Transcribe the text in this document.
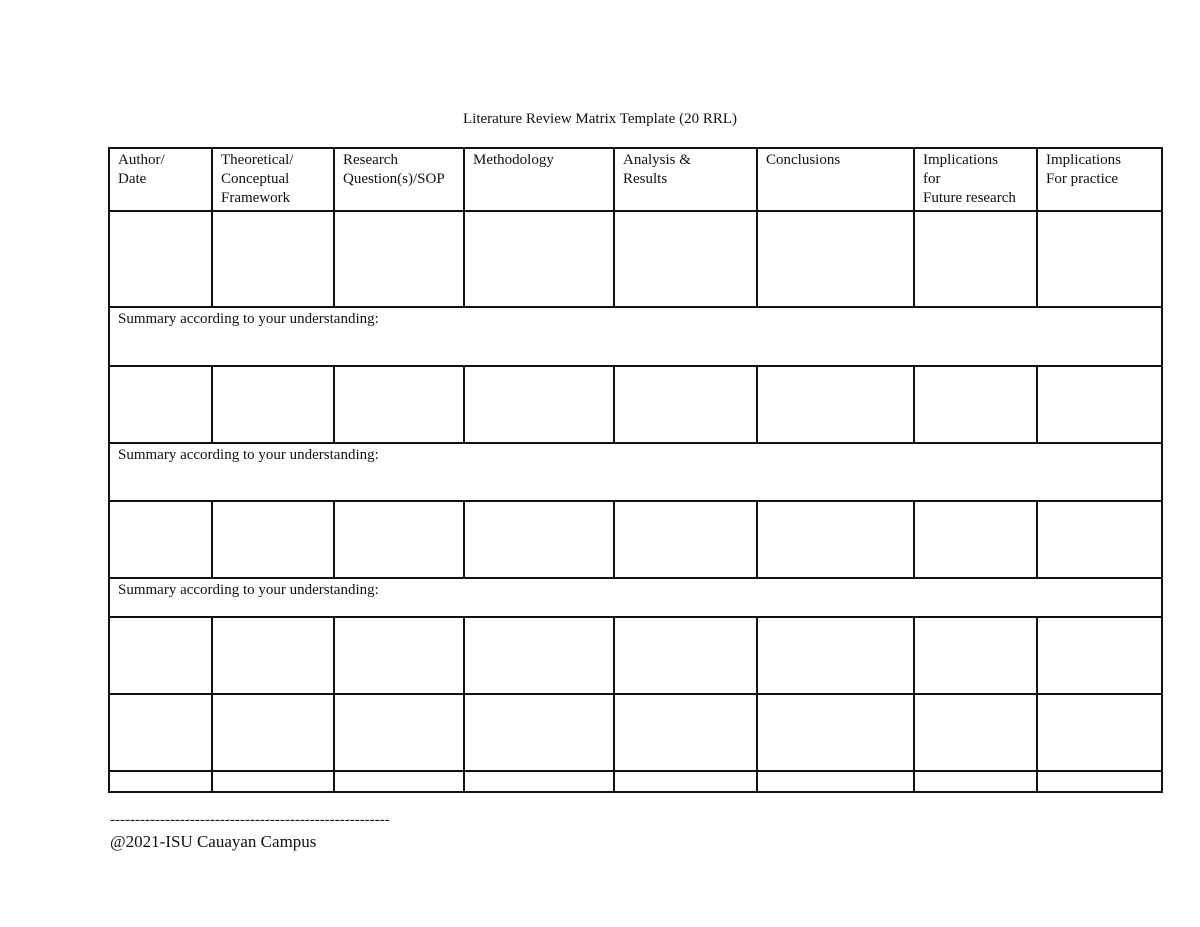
Literature Review Matrix Template (20 RRL)
Author/
Date	Theoretical/
Conceptual
Framework	Research
Question(s)/SOP	Methodology	Analysis &
Results	Conclusions	Implications
for
Future research	Implications
For practice

Summary according to your understanding:							

Summary according to your understanding:							

Summary according to your understanding:							

--------------------------------------------------------
@2021-ISU Cauayan Campus
